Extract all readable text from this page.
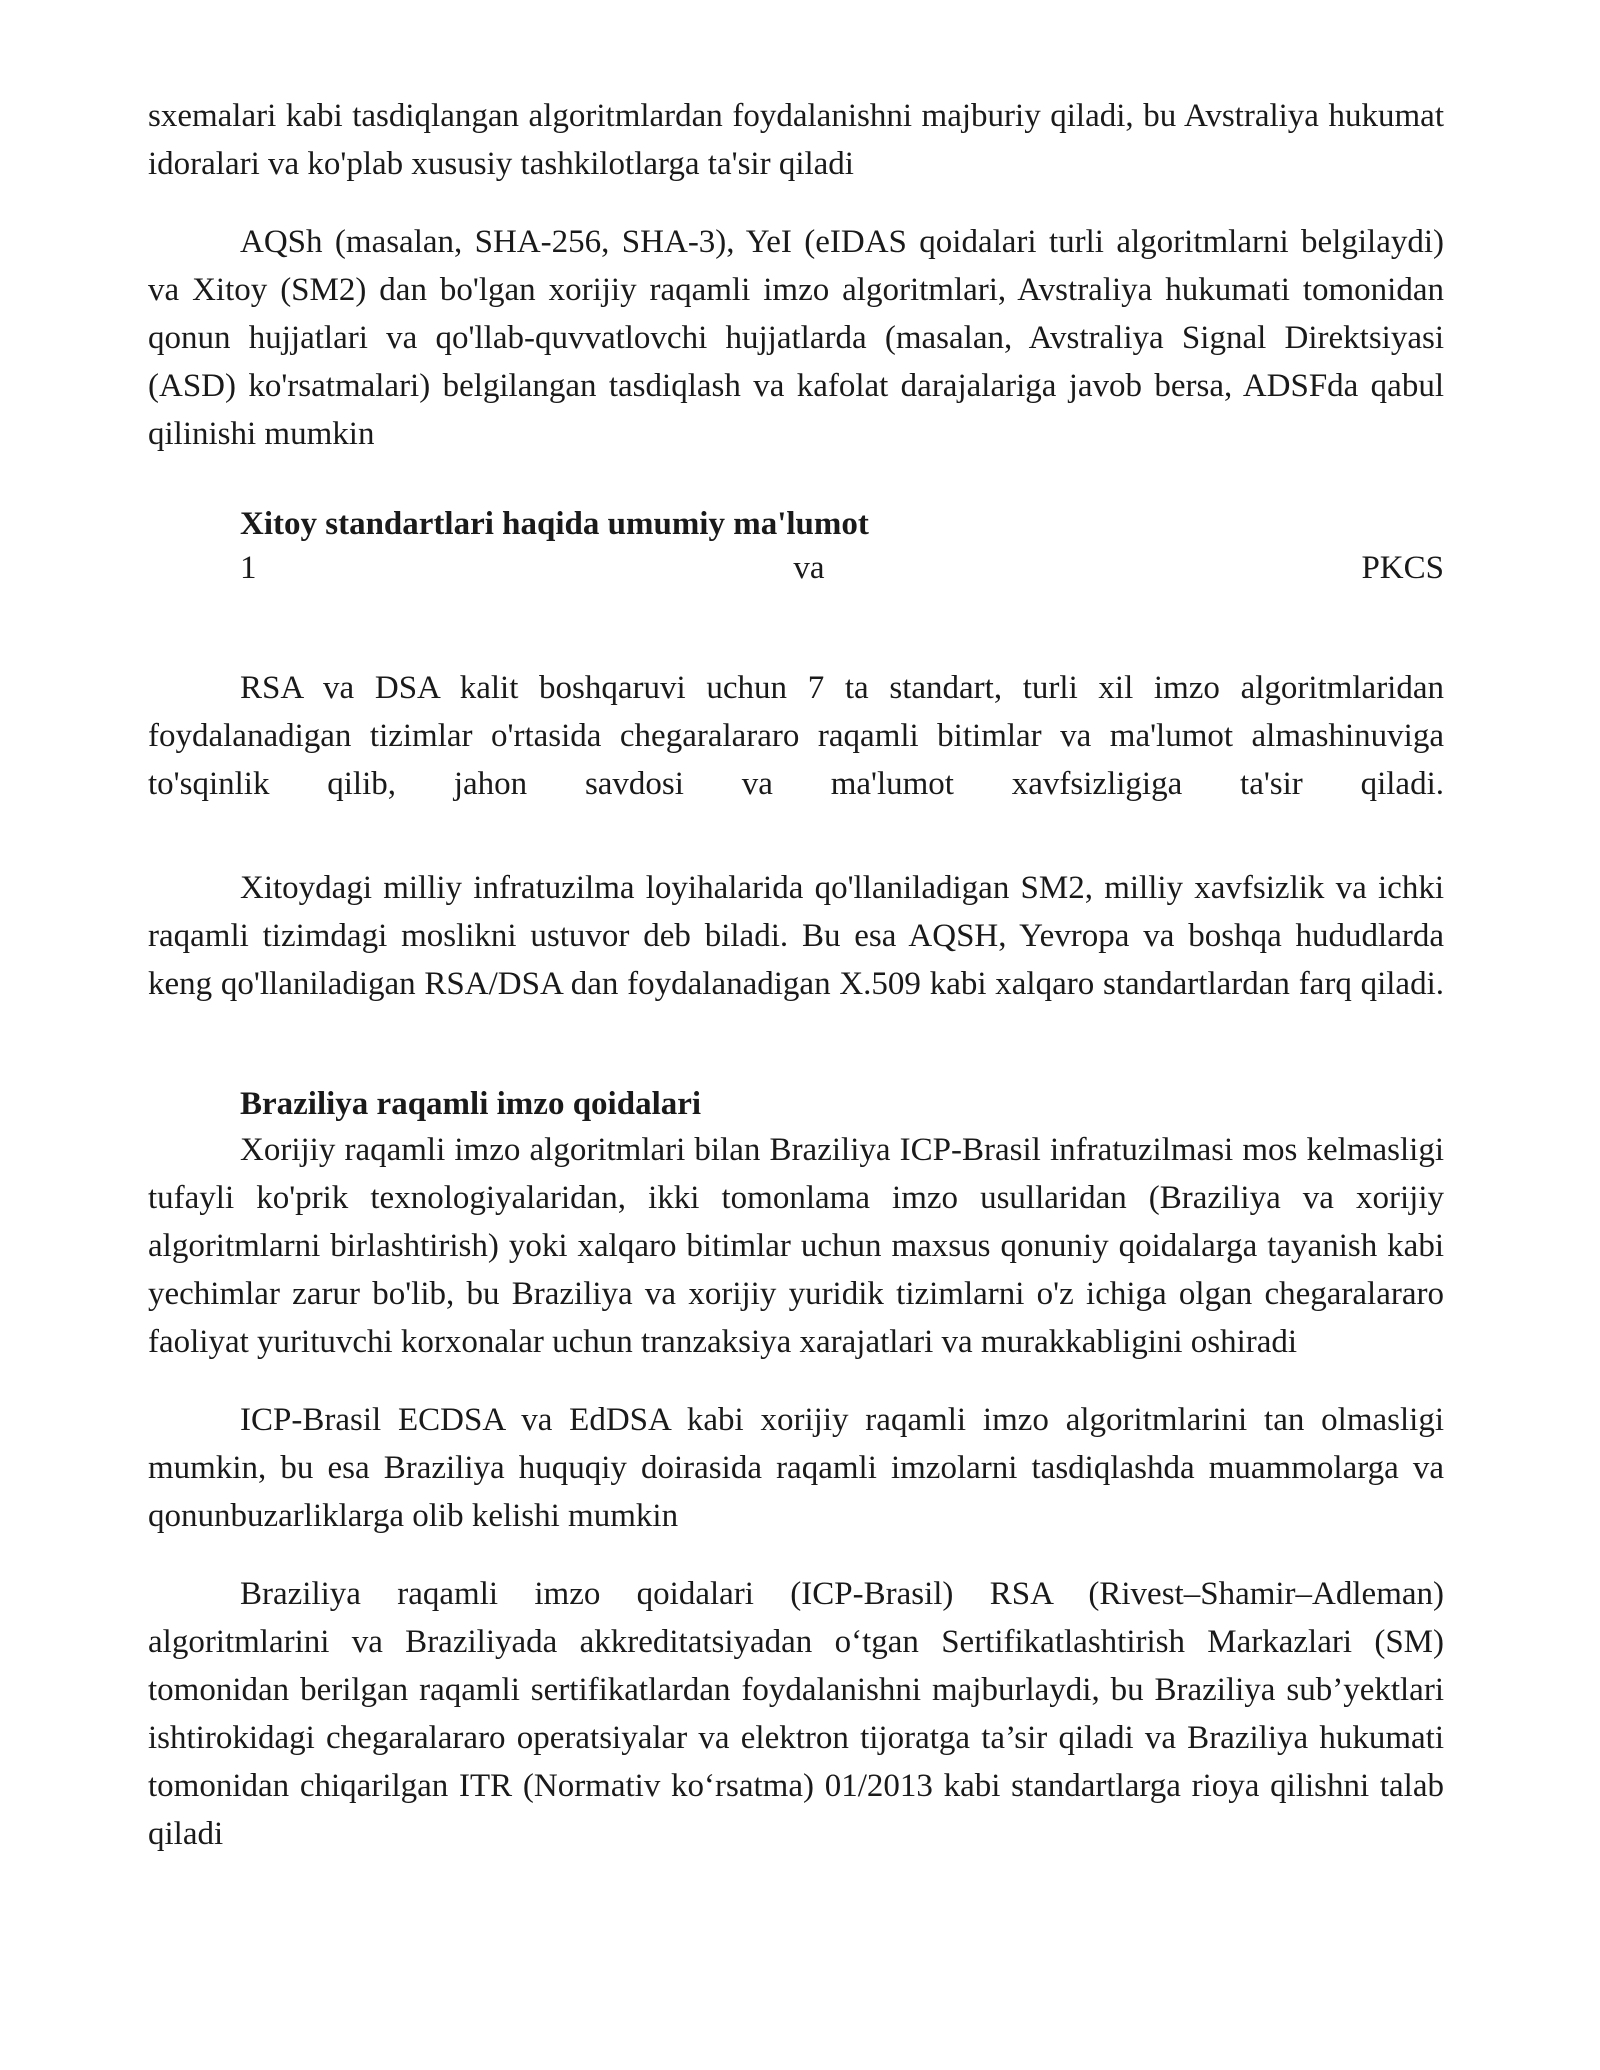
sxemalari kabi tasdiqlangan algoritmlardan foydalanishni majburiy qiladi, bu Avstraliya hukumat idoralari va ko'plab xususiy tashkilotlarga ta'sir qiladi

AQSh (masalan, SHA-256, SHA-3), YeI (eIDAS qoidalari turli algoritmlarni belgilaydi) va Xitoy (SM2) dan bo'lgan xorijiy raqamli imzo algoritmlari, Avstraliya hukumati tomonidan qonun hujjatlari va qo'llab-quvvatlovchi hujjatlarda (masalan, Avstraliya Signal Direktsiyasi (ASD) ko'rsatmalari) belgilangan tasdiqlash va kafolat darajalariga javob bersa, ADSFda qabul qilinishi mumkin

Xitoy standartlari haqida umumiy ma'lumot

1	va	PKCS

RSA va DSA kalit boshqaruvi uchun 7 ta standart, turli xil imzo algoritmlaridan foydalanadigan tizimlar o'rtasida chegaralararo raqamli bitimlar va ma'lumot almashinuviga to'sqinlik qilib, jahon savdosi va ma'lumot xavfsizligiga ta'sir qiladi.

Xitoydagi milliy infratuzilma loyihalarida qo'llaniladigan SM2, milliy xavfsizlik va ichki raqamli tizimdagi moslikni ustuvor deb biladi. Bu esa AQSH, Yevropa va boshqa hududlarda keng qo'llaniladigan RSA/DSA dan foydalanadigan X.509 kabi xalqaro standartlardan farq qiladi.

Braziliya raqamli imzo qoidalari

Xorijiy raqamli imzo algoritmlari bilan Braziliya ICP-Brasil infratuzilmasi mos kelmasligi tufayli ko'prik texnologiyalaridan, ikki tomonlama imzo usullaridan (Braziliya va xorijiy algoritmlarni birlashtirish) yoki xalqaro bitimlar uchun maxsus qonuniy qoidalarga tayanish kabi yechimlar zarur bo'lib, bu Braziliya va xorijiy yuridik tizimlarni o'z ichiga olgan chegaralararo faoliyat yurituvchi korxonalar uchun tranzaksiya xarajatlari va murakkabligini oshiradi

ICP-Brasil ECDSA va EdDSA kabi xorijiy raqamli imzo algoritmlarini tan olmasligi mumkin, bu esa Braziliya huquqiy doirasida raqamli imzolarni tasdiqlashda muammolarga va qonunbuzarliklarga olib kelishi mumkin

Braziliya raqamli imzo qoidalari (ICP-Brasil) RSA (Rivest–Shamir–Adleman) algoritmlarini va Braziliyada akkreditatsiyadan o‘tgan Sertifikatlashtirish Markazlari (SM) tomonidan berilgan raqamli sertifikatlardan foydalanishni majburlaydi, bu Braziliya sub’yektlari ishtirokidagi chegaralararo operatsiyalar va elektron tijoratga ta’sir qiladi va Braziliya hukumati tomonidan chiqarilgan ITR (Normativ ko‘rsatma) 01/2013 kabi standartlarga rioya qilishni talab qiladi
